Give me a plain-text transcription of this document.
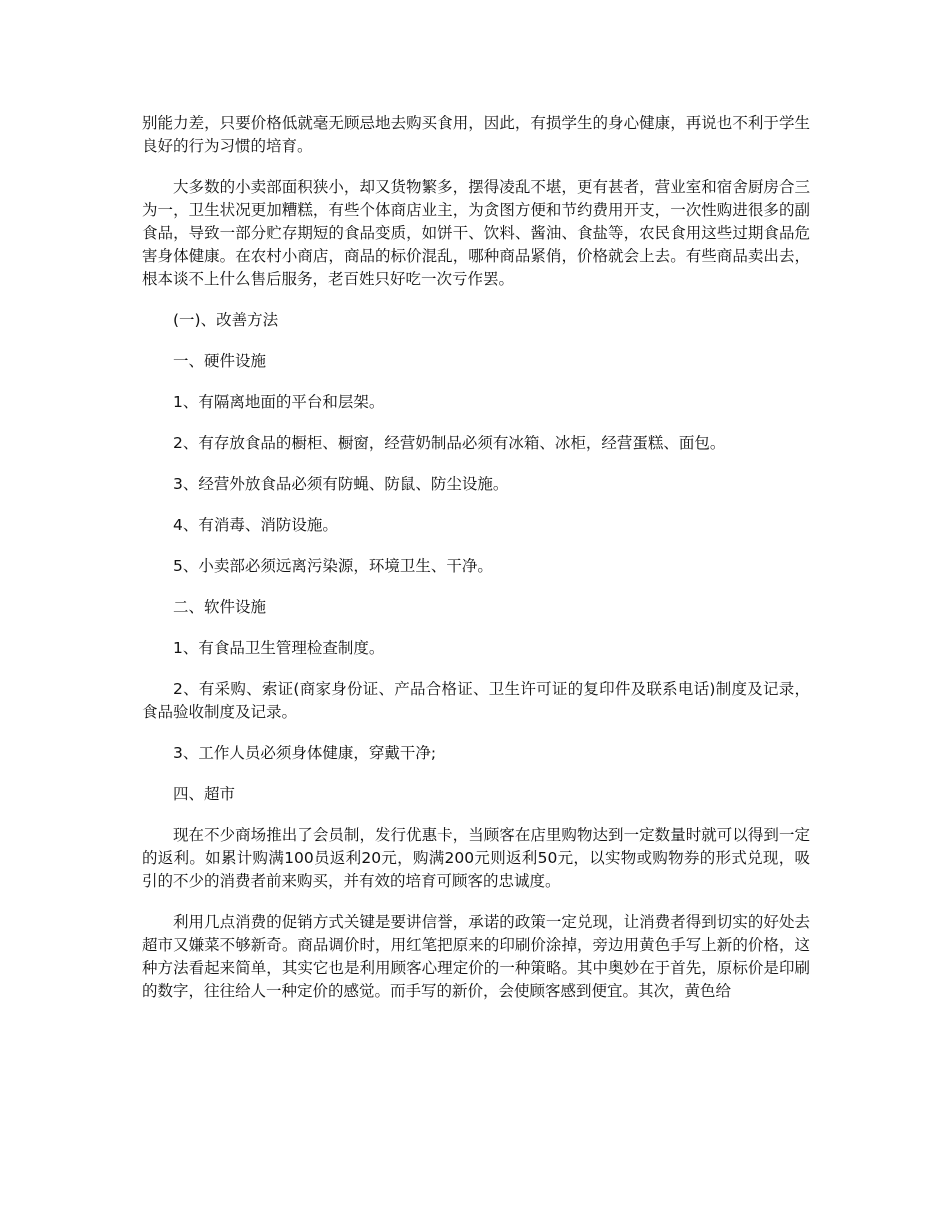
别能力差，只要价格低就毫无顾忌地去购买食用，因此，有损学生的身心健康，再说也不利于学生良好的行为习惯的培育。

大多数的小卖部面积狭小，却又货物繁多，摆得凌乱不堪，更有甚者，营业室和宿舍厨房合三为一，卫生状况更加糟糕，有些个体商店业主，为贪图方便和节约费用开支，一次性购进很多的副食品，导致一部分贮存期短的食品变质，如饼干、饮料、酱油、食盐等，农民食用这些过期食品危害身体健康。在农村小商店，商品的标价混乱，哪种商品紧俏，价格就会上去。有些商品卖出去，根本谈不上什么售后服务，老百姓只好吃一次亏作罢。

(一)、改善方法

一、硬件设施

1、有隔离地面的平台和层架。

2、有存放食品的橱柜、橱窗，经营奶制品必须有冰箱、冰柜，经营蛋糕、面包。

3、经营外放食品必须有防蝇、防鼠、防尘设施。

4、有消毒、消防设施。

5、小卖部必须远离污染源，环境卫生、干净。

二、软件设施

1、有食品卫生管理检查制度。

2、有采购、索证(商家身份证、产品合格证、卫生许可证的复印件及联系电话)制度及记录，食品验收制度及记录。

3、工作人员必须身体健康，穿戴干净;

四、超市

现在不少商场推出了会员制，发行优惠卡，当顾客在店里购物达到一定数量时就可以得到一定的返利。如累计购满100员返利20元，购满200元则返利50元，以实物或购物券的形式兑现，吸引的不少的消费者前来购买，并有效的培育可顾客的忠诚度。

利用几点消费的促销方式关键是要讲信誉，承诺的政策一定兑现，让消费者得到切实的好处去超市又嫌菜不够新奇。商品调价时，用红笔把原来的印刷价涂掉，旁边用黄色手写上新的价格，这种方法看起来简单，其实它也是利用顾客心理定价的一种策略。其中奥妙在于首先，原标价是印刷的数字，往往给人一种定价的感觉。而手写的新价，会使顾客感到便宜。其次，黄色给
